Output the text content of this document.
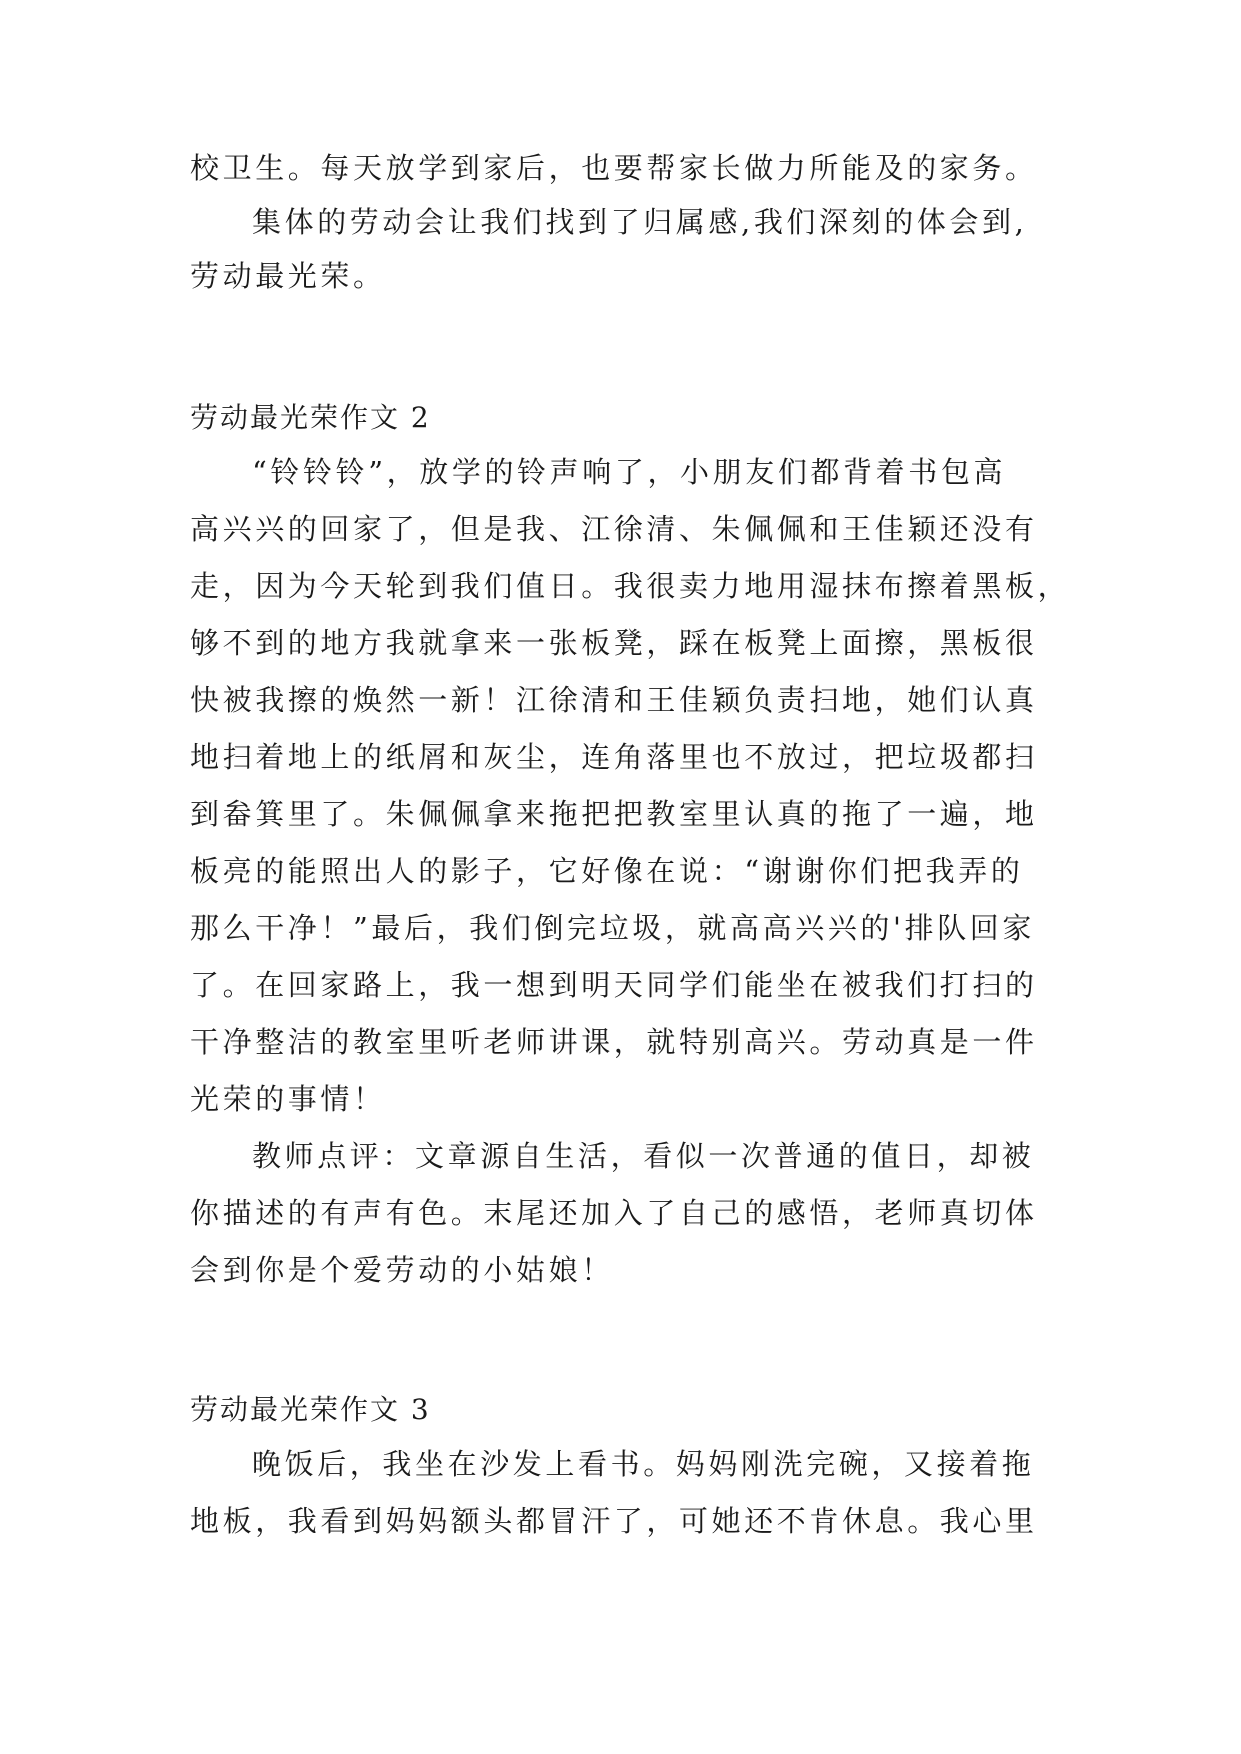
校卫生。每天放学到家后，也要帮家长做力所能及的家务。
集体的劳动会让我们找到了归属感,我们深刻的体会到,
劳动最光荣。
劳动最光荣作文 2
“铃铃铃”，放学的铃声响了，小朋友们都背着书包高
高兴兴的回家了，但是我、江徐清、朱佩佩和王佳颖还没有
走，因为今天轮到我们值日。我很卖力地用湿抹布擦着黑板，
够不到的地方我就拿来一张板凳，踩在板凳上面擦，黑板很
快被我擦的焕然一新！江徐清和王佳颖负责扫地，她们认真
地扫着地上的纸屑和灰尘，连角落里也不放过，把垃圾都扫
到畚箕里了。朱佩佩拿来拖把把教室里认真的拖了一遍，地
板亮的能照出人的影子，它好像在说：“谢谢你们把我弄的
那么干净！”最后，我们倒完垃圾，就高高兴兴的'排队回家
了。在回家路上，我一想到明天同学们能坐在被我们打扫的
干净整洁的教室里听老师讲课，就特别高兴。劳动真是一件
光荣的事情！
教师点评：文章源自生活，看似一次普通的值日，却被
你描述的有声有色。末尾还加入了自己的感悟，老师真切体
会到你是个爱劳动的小姑娘！
劳动最光荣作文 3
晚饭后，我坐在沙发上看书。妈妈刚洗完碗，又接着拖
地板，我看到妈妈额头都冒汗了，可她还不肯休息。我心里
